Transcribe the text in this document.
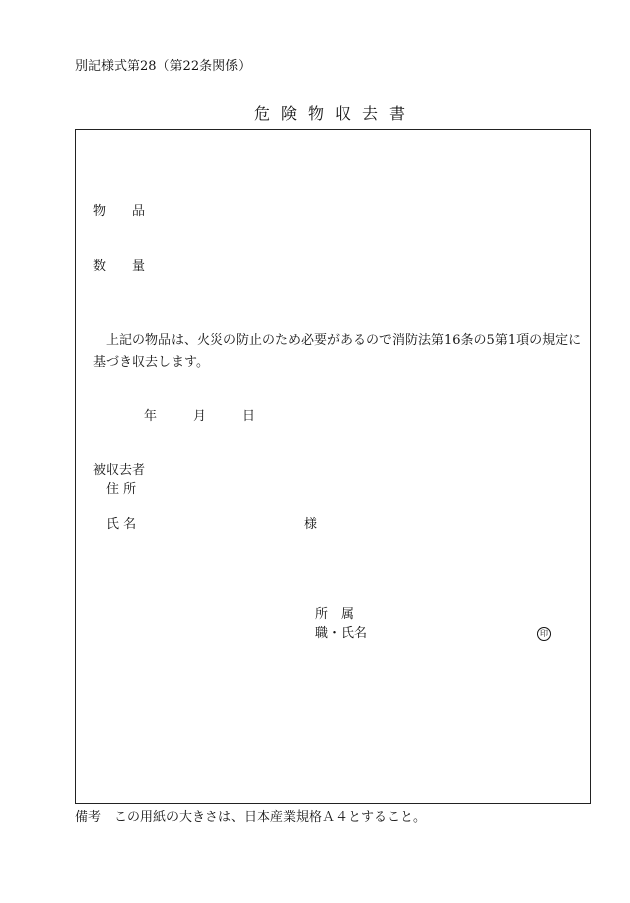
別記様式第28（第22条関係）
危険物収去書
物　　品
数　　量
上記の物品は、火災の防止のため必要があるので消防法第16条の5第1項の規定に基づき収去します。
年	月	日
被収去者
住 所
氏 名	様
所　属
職・氏名	印
備考　この用紙の大きさは、日本産業規格Ａ４とすること。
